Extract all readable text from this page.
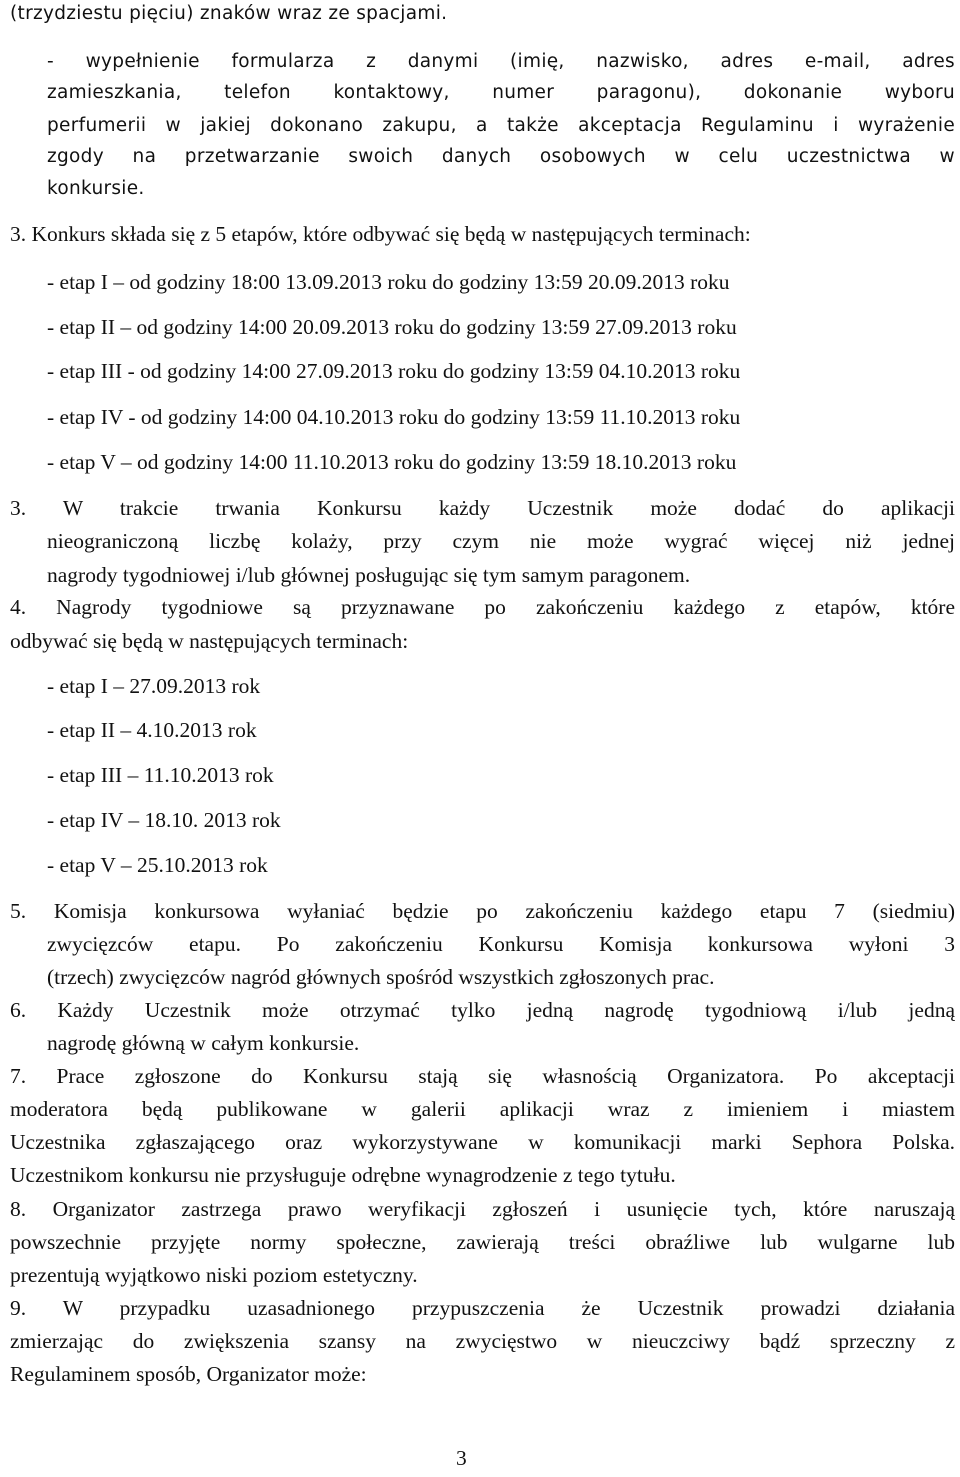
(trzydziestu pięciu) znaków wraz ze spacjami.
- wypełnienie formularza z danymi (imię, nazwisko, adres e-mail, adres
zamieszkania, telefon kontaktowy, numer paragonu), dokonanie wyboru
perfumerii w jakiej dokonano zakupu, a także akceptacja Regulaminu i wyrażenie
zgody na przetwarzanie swoich danych osobowych w celu uczestnictwa w
konkursie.
3. Konkurs składa się z 5 etapów, które odbywać się będą w następujących terminach:
- etap I – od godziny 18:00 13.09.2013 roku do godziny 13:59 20.09.2013 roku
- etap II – od godziny 14:00 20.09.2013 roku do godziny 13:59 27.09.2013 roku
- etap III - od godziny 14:00 27.09.2013 roku do godziny 13:59 04.10.2013 roku
- etap IV - od godziny 14:00 04.10.2013 roku do godziny 13:59 11.10.2013 roku
- etap V – od godziny 14:00 11.10.2013 roku do godziny 13:59 18.10.2013 roku
3. W trakcie trwania Konkursu każdy Uczestnik może dodać do aplikacji
nieograniczoną liczbę kolaży, przy czym nie może wygrać więcej niż jednej
nagrody tygodniowej i/lub głównej posługując się tym samym paragonem.
4. Nagrody tygodniowe są przyznawane po zakończeniu każdego z etapów, które
odbywać się będą w następujących terminach:
- etap I – 27.09.2013 rok
- etap II – 4.10.2013 rok
- etap III – 11.10.2013 rok
- etap IV – 18.10. 2013 rok
- etap V – 25.10.2013 rok
5. Komisja konkursowa wyłaniać będzie po zakończeniu każdego etapu 7 (siedmiu)
zwycięzców etapu. Po zakończeniu Konkursu Komisja konkursowa wyłoni 3
(trzech) zwycięzców nagród głównych spośród wszystkich zgłoszonych prac.
6. Każdy Uczestnik może otrzymać tylko jedną nagrodę tygodniową i/lub jedną
nagrodę główną w całym konkursie.
7. Prace zgłoszone do Konkursu stają się własnością Organizatora. Po akceptacji
moderatora będą publikowane w galerii aplikacji wraz z imieniem i miastem
Uczestnika zgłaszającego oraz wykorzystywane w komunikacji marki Sephora Polska.
Uczestnikom konkursu nie przysługuje odrębne wynagrodzenie z tego tytułu.
8. Organizator zastrzega prawo weryfikacji zgłoszeń i usunięcie tych, które naruszają
powszechnie przyjęte normy społeczne, zawierają treści obraźliwe lub wulgarne lub
prezentują wyjątkowo niski poziom estetyczny.
9. W przypadku uzasadnionego przypuszczenia że Uczestnik prowadzi działania
zmierzając do zwiększenia szansy na zwycięstwo w nieuczciwy bądź sprzeczny z
Regulaminem sposób, Organizator może:
3
